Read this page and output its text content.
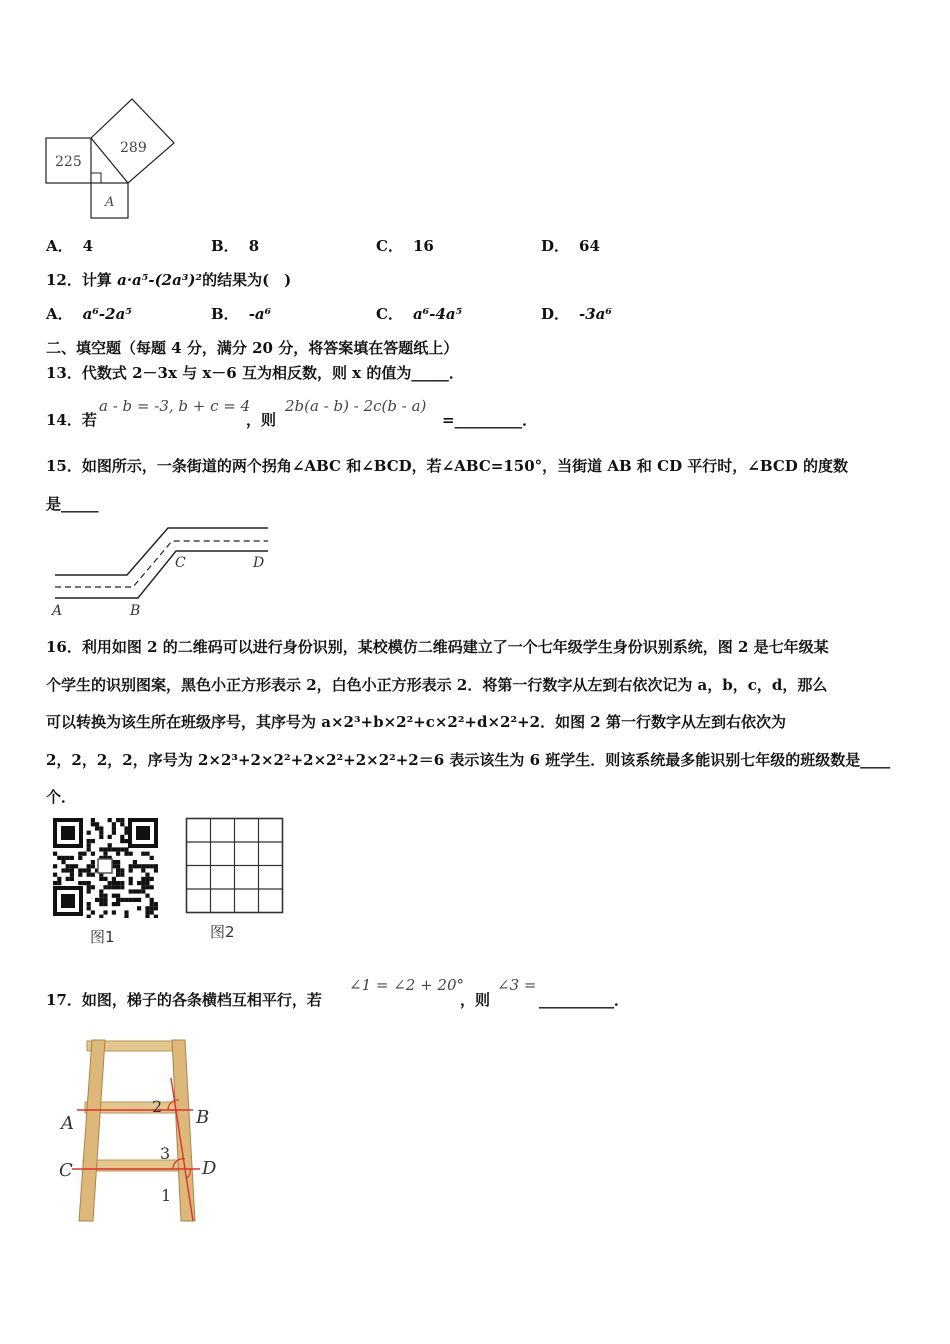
225
289
A
A． 4	B． 8	C． 16	D． 64
12．计算 a·a⁵-(2a³)²的结果为(　)
A． a⁶-2a⁵	B． -a⁶	C． a⁶-4a⁵	D． -3a⁶
二、填空题（每题 4 分，满分 20 分，将答案填在答题纸上）
13．代数式 2－3x 与 x－6 互为相反数，则 x 的值为_____．
14．若
a - b = -3, b + c = 4
，则
2b(a - b) - 2c(b - a)
=_________．
15．如图所示，一条街道的两个拐角∠ABC 和∠BCD，若∠ABC=150°，当街道 AB 和 CD 平行时，∠BCD 的度数
是_____
A	B
C	D
16．利用如图 2 的二维码可以进行身份识别，某校模仿二维码建立了一个七年级学生身份识别系统，图 2 是七年级某
个学生的识别图案，黑色小正方形表示 2，白色小正方形表示 2．将第一行数字从左到右依次记为 a，b，c，d，那么
可以转换为该生所在班级序号，其序号为 a×2³+b×2²+c×2²+d×2²+2．如图 2 第一行数字从左到右依次为
2，2，2，2，序号为 2×2³+2×2²+2×2²+2×2²+2＝6 表示该生为 6 班学生．则该系统最多能识别七年级的班级数是____
个．
图1	图2
17．如图，梯子的各条横档互相平行，若
∠1 = ∠2 + 20°
，则
∠3 =
__________．
A	B
C	D
2
3
1
